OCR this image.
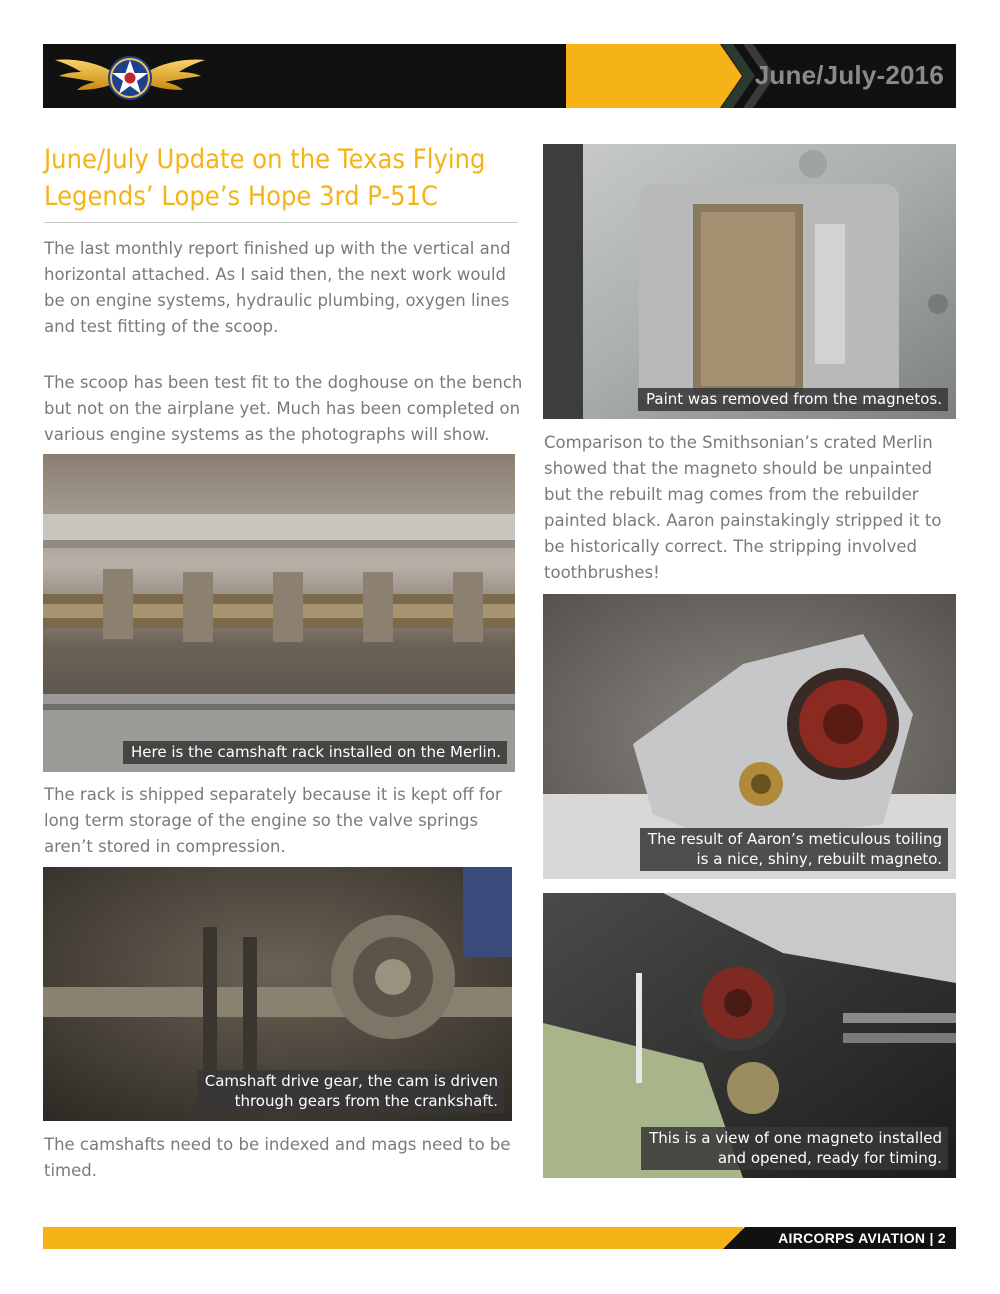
June/July-2016
June/July Update on the Texas Flying
Legends’ Lope’s Hope 3rd P-51C

The last monthly report finished up with the vertical and horizontal attached. As I said then, the next work would be on engine systems, hydraulic plumbing, oxygen lines and test fitting of the scoop.

The scoop has been test fit to the doghouse on the bench but not on the airplane yet. Much has been completed on various engine systems as the photographs will show.

Here is the camshaft rack installed on the Merlin.

The rack is shipped separately because it is kept off for long term storage of the engine so the valve springs aren’t stored in compression.

Camshaft drive gear, the cam is driven
through gears from the crankshaft.

The camshafts need to be indexed and mags need to be timed.

Paint was removed from the magnetos.

Comparison to the Smithsonian’s crated Merlin showed that the magneto should be unpainted but the rebuilt mag comes from the rebuilder painted black. Aaron painstakingly stripped it to be historically correct. The stripping involved toothbrushes!

The result of Aaron’s meticulous toiling
is a nice, shiny, rebuilt magneto.
This is a view of one magneto installed
and opened, ready for timing.
AIRCORPS AVIATION | 2
